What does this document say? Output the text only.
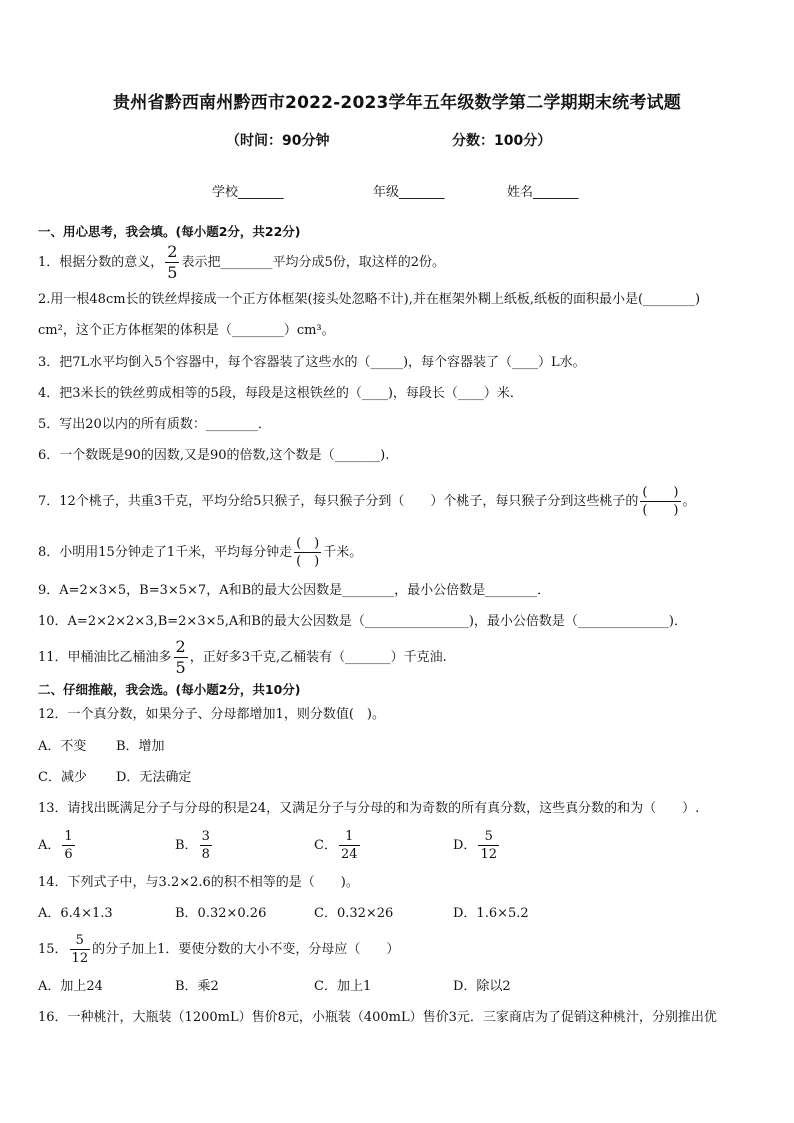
贵州省黔西南州黔西市2022-2023学年五年级数学第二学期期末统考试题
（时间：90分钟	分数：100分）
学校_______	年级_______	姓名_______
一、用心思考，我会填。(每小题2分，共22分)
1．根据分数的意义， $\frac{2}{5}$ 表示把________平均分成5份，取这样的2份。
2.用一根48cm长的铁丝焊接成一个正方体框架(接头处忽略不计),并在框架外糊上纸板,纸板的面积最小是(________)
cm²，这个正方体框架的体积是（________）cm³。
3．把7L水平均倒入5个容器中，每个容器装了这些水的（_____)，每个容器装了（____）L水。
4．把3米长的铁丝剪成相等的5段，每段是这根铁丝的（____)，每段长（____）米．
5．写出20以内的所有质数：________．
6．一个数既是90的因数,又是90的倍数,这个数是（_______).
7．12个桃子，共重3千克，平均分给5只猴子，每只猴子分到（　　）个桃子，每只猴子分到这些桃子的 $\frac{( )}{( )}$ 。
8．小明用15分钟走了1千米，平均每分钟走 $\frac{( )}{( )}$ 千米。
9．A=2×3×5，B=3×5×7，A和B的最大公因数是________，最小公倍数是________．
10．A=2×2×2×3,B=2×3×5,A和B的最大公因数是（________________)，最小公倍数是（______________)．
11．甲桶油比乙桶油多 $\frac{2}{5}$ ，正好多3千克,乙桶装有（_______）千克油.
二、仔细推敲，我会选。(每小题2分，共10分)
12．一个真分数，如果分子、分母都增加1，则分数值(　)。
A．不变 B．增加
C．减少 D．无法确定
13．请找出既满足分子与分母的积是24，又满足分子与分母的和为奇数的所有真分数，这些真分数的和为（　　）.
A． $\frac{1}{6}$	B． $\frac{3}{8}$	C． $\frac{1}{24}$	D． $\frac{5}{12}$
14．下列式子中，与3.2×2.6的积不相等的是（　　)。
A．6.4×1.3	B．0.32×0.26	C．0.32×26	D．1.6×5.2
15． $\frac{5}{12}$ 的分子加上1．要使分数的大小不变，分母应（　　）
A．加上24	B．乘2	C．加上1	D．除以2
16．一种桃汁，大瓶装（1200mL）售价8元，小瓶装（400mL）售价3元．三家商店为了促销这种桃汁，分别推出优
